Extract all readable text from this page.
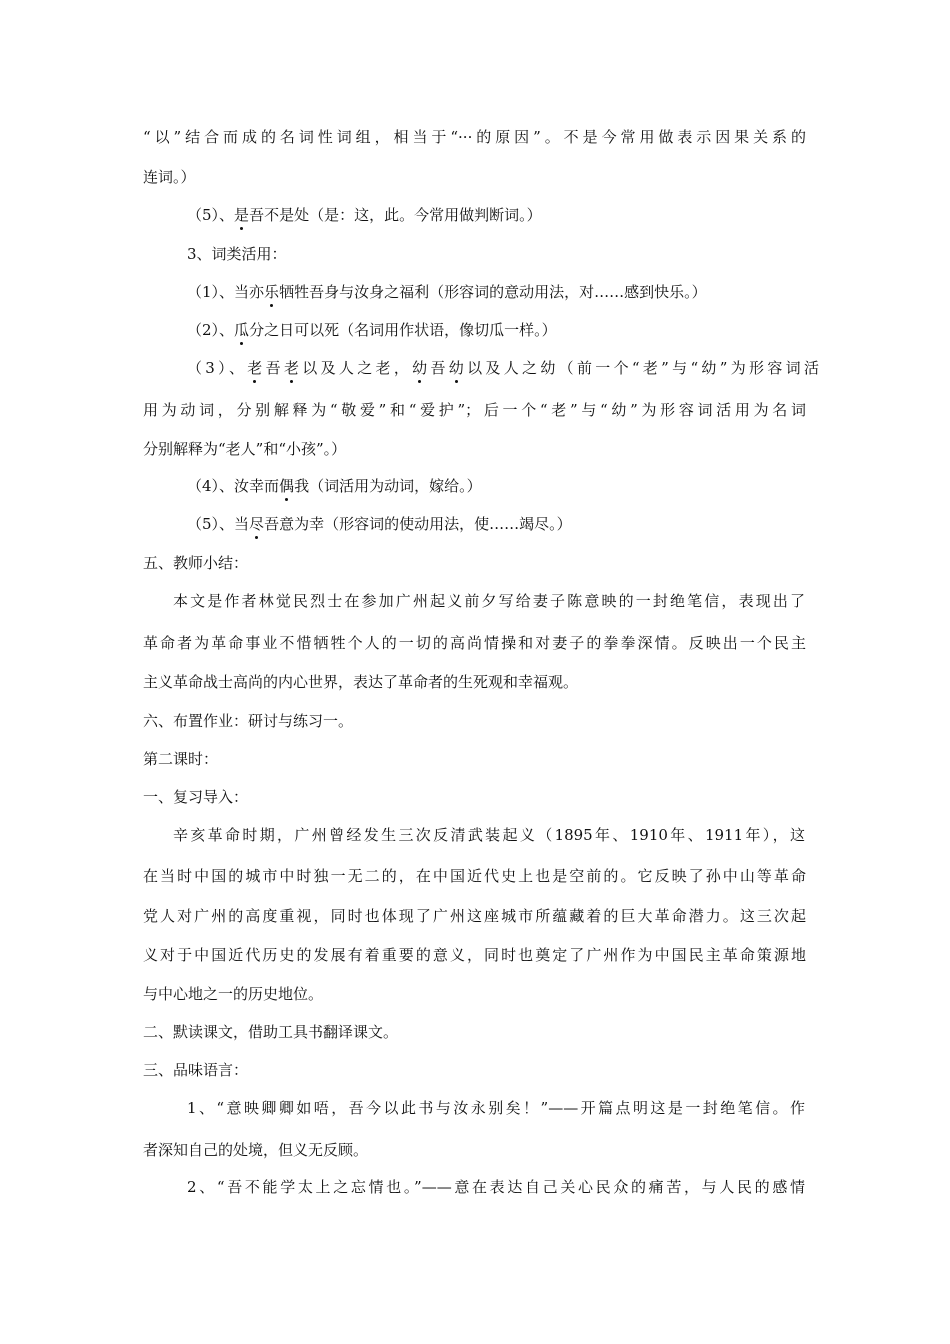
“以”结合而成的名词性词组，相当于“···的原因”。不是今常用做表示因果关系的
连词。）
（5）、是吾不是处（是：这，此。今常用做判断词。）
3、词类活用：
（1）、当亦乐牺牲吾身与汝身之福利（形容词的意动用法，对……感到快乐。）
（2）、瓜分之日可以死（名词用作状语，像切瓜一样。）
（3）、老吾老以及人之老，幼吾幼以及人之幼（前一个“老”与“幼”为形容词活
用为动词，分别解释为“敬爱”和“爱护”；后一个“老”与“幼”为形容词活用为名词
分别解释为“老人”和“小孩”。）
（4）、汝幸而偶我（词活用为动词，嫁给。）
（5）、当尽吾意为幸（形容词的使动用法，使……竭尽。）
五、教师小结：
本文是作者林觉民烈士在参加广州起义前夕写给妻子陈意映的一封绝笔信，表现出了
革命者为革命事业不惜牺牲个人的一切的高尚情操和对妻子的拳拳深情。反映出一个民主
主义革命战士高尚的内心世界，表达了革命者的生死观和幸福观。
六、布置作业：研讨与练习一。
第二课时：
一、复习导入：
辛亥革命时期，广州曾经发生三次反清武装起义（1895年、1910年、1911年），这
在当时中国的城市中时独一无二的，在中国近代史上也是空前的。它反映了孙中山等革命
党人对广州的高度重视，同时也体现了广州这座城市所蕴藏着的巨大革命潜力。这三次起
义对于中国近代历史的发展有着重要的意义，同时也奠定了广州作为中国民主革命策源地
与中心地之一的历史地位。
二、默读课文，借助工具书翻译课文。
三、品味语言：
1、“意映卿卿如唔，吾今以此书与汝永别矣！”——开篇点明这是一封绝笔信。作
者深知自己的处境，但义无反顾。
2、“吾不能学太上之忘情也。”——意在表达自己关心民众的痛苦，与人民的感情
